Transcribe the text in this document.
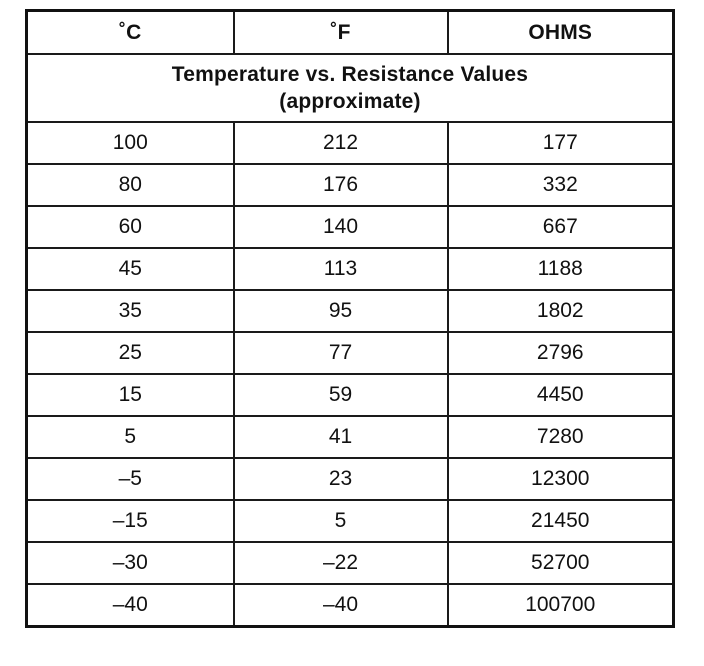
˚C	˚F	OHMS

Temperature vs. Resistance Values
(approximate)		

100	212	177
80	176	332
60	140	667
45	113	1188
35	95	1802
25	77	2796
15	59	4450
5	41	7280
–5	23	12300
–15	5	21450
–30	–22	52700
–40	–40	100700
